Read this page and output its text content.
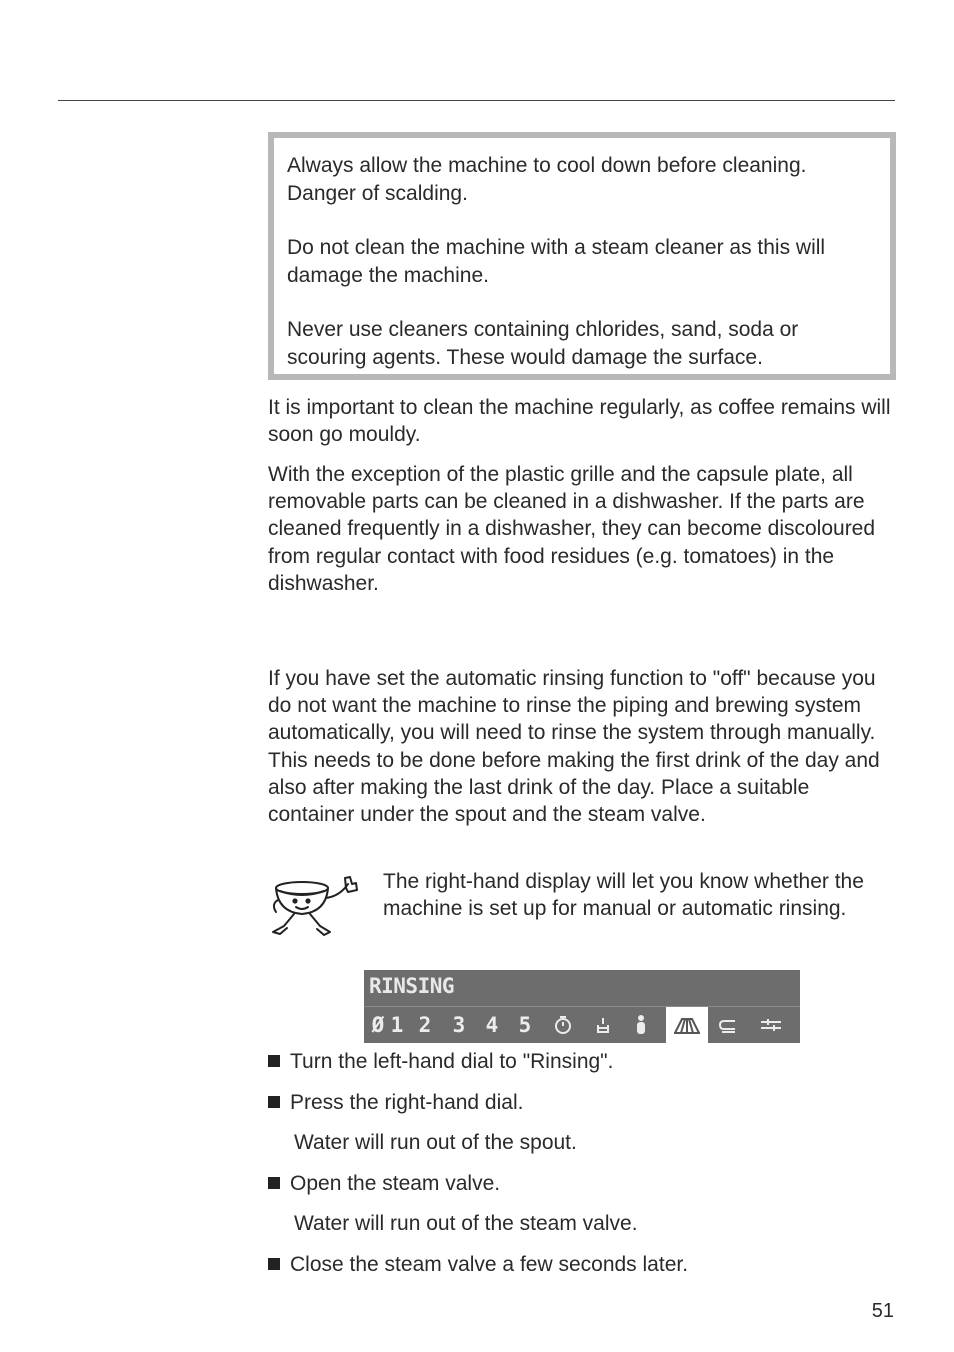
Always allow the machine to cool down before cleaning. Danger of scalding.

Do not clean the machine with a steam cleaner as this will damage the machine.

Never use cleaners containing chlorides, sand, soda or scouring agents. These would damage the surface.

It is important to clean the machine regularly, as coffee remains will soon go mouldy.

With the exception of the plastic grille and the capsule plate, all removable parts can be cleaned in a dishwasher. If the parts are cleaned frequently in a dishwasher, they can become discoloured from regular contact with food residues (e.g. tomatoes) in the dishwasher.

If you have set the automatic rinsing function to "off" because you do not want the machine to rinse the piping and brewing system automatically, you will need to rinse the system through manually. This needs to be done before making the first drink of the day and also after making the last drink of the day. Place a suitable container under the spout and the steam valve.

The right-hand display will let you know whether the machine is set up for manual or automatic rinsing.

RINSING
Ø 1 2 3 4 5
Turn the left-hand dial to "Rinsing".
Press the right-hand dial.
Water will run out of the spout.
Open the steam valve.
Water will run out of the steam valve.
Close the steam valve a few seconds later.
51
